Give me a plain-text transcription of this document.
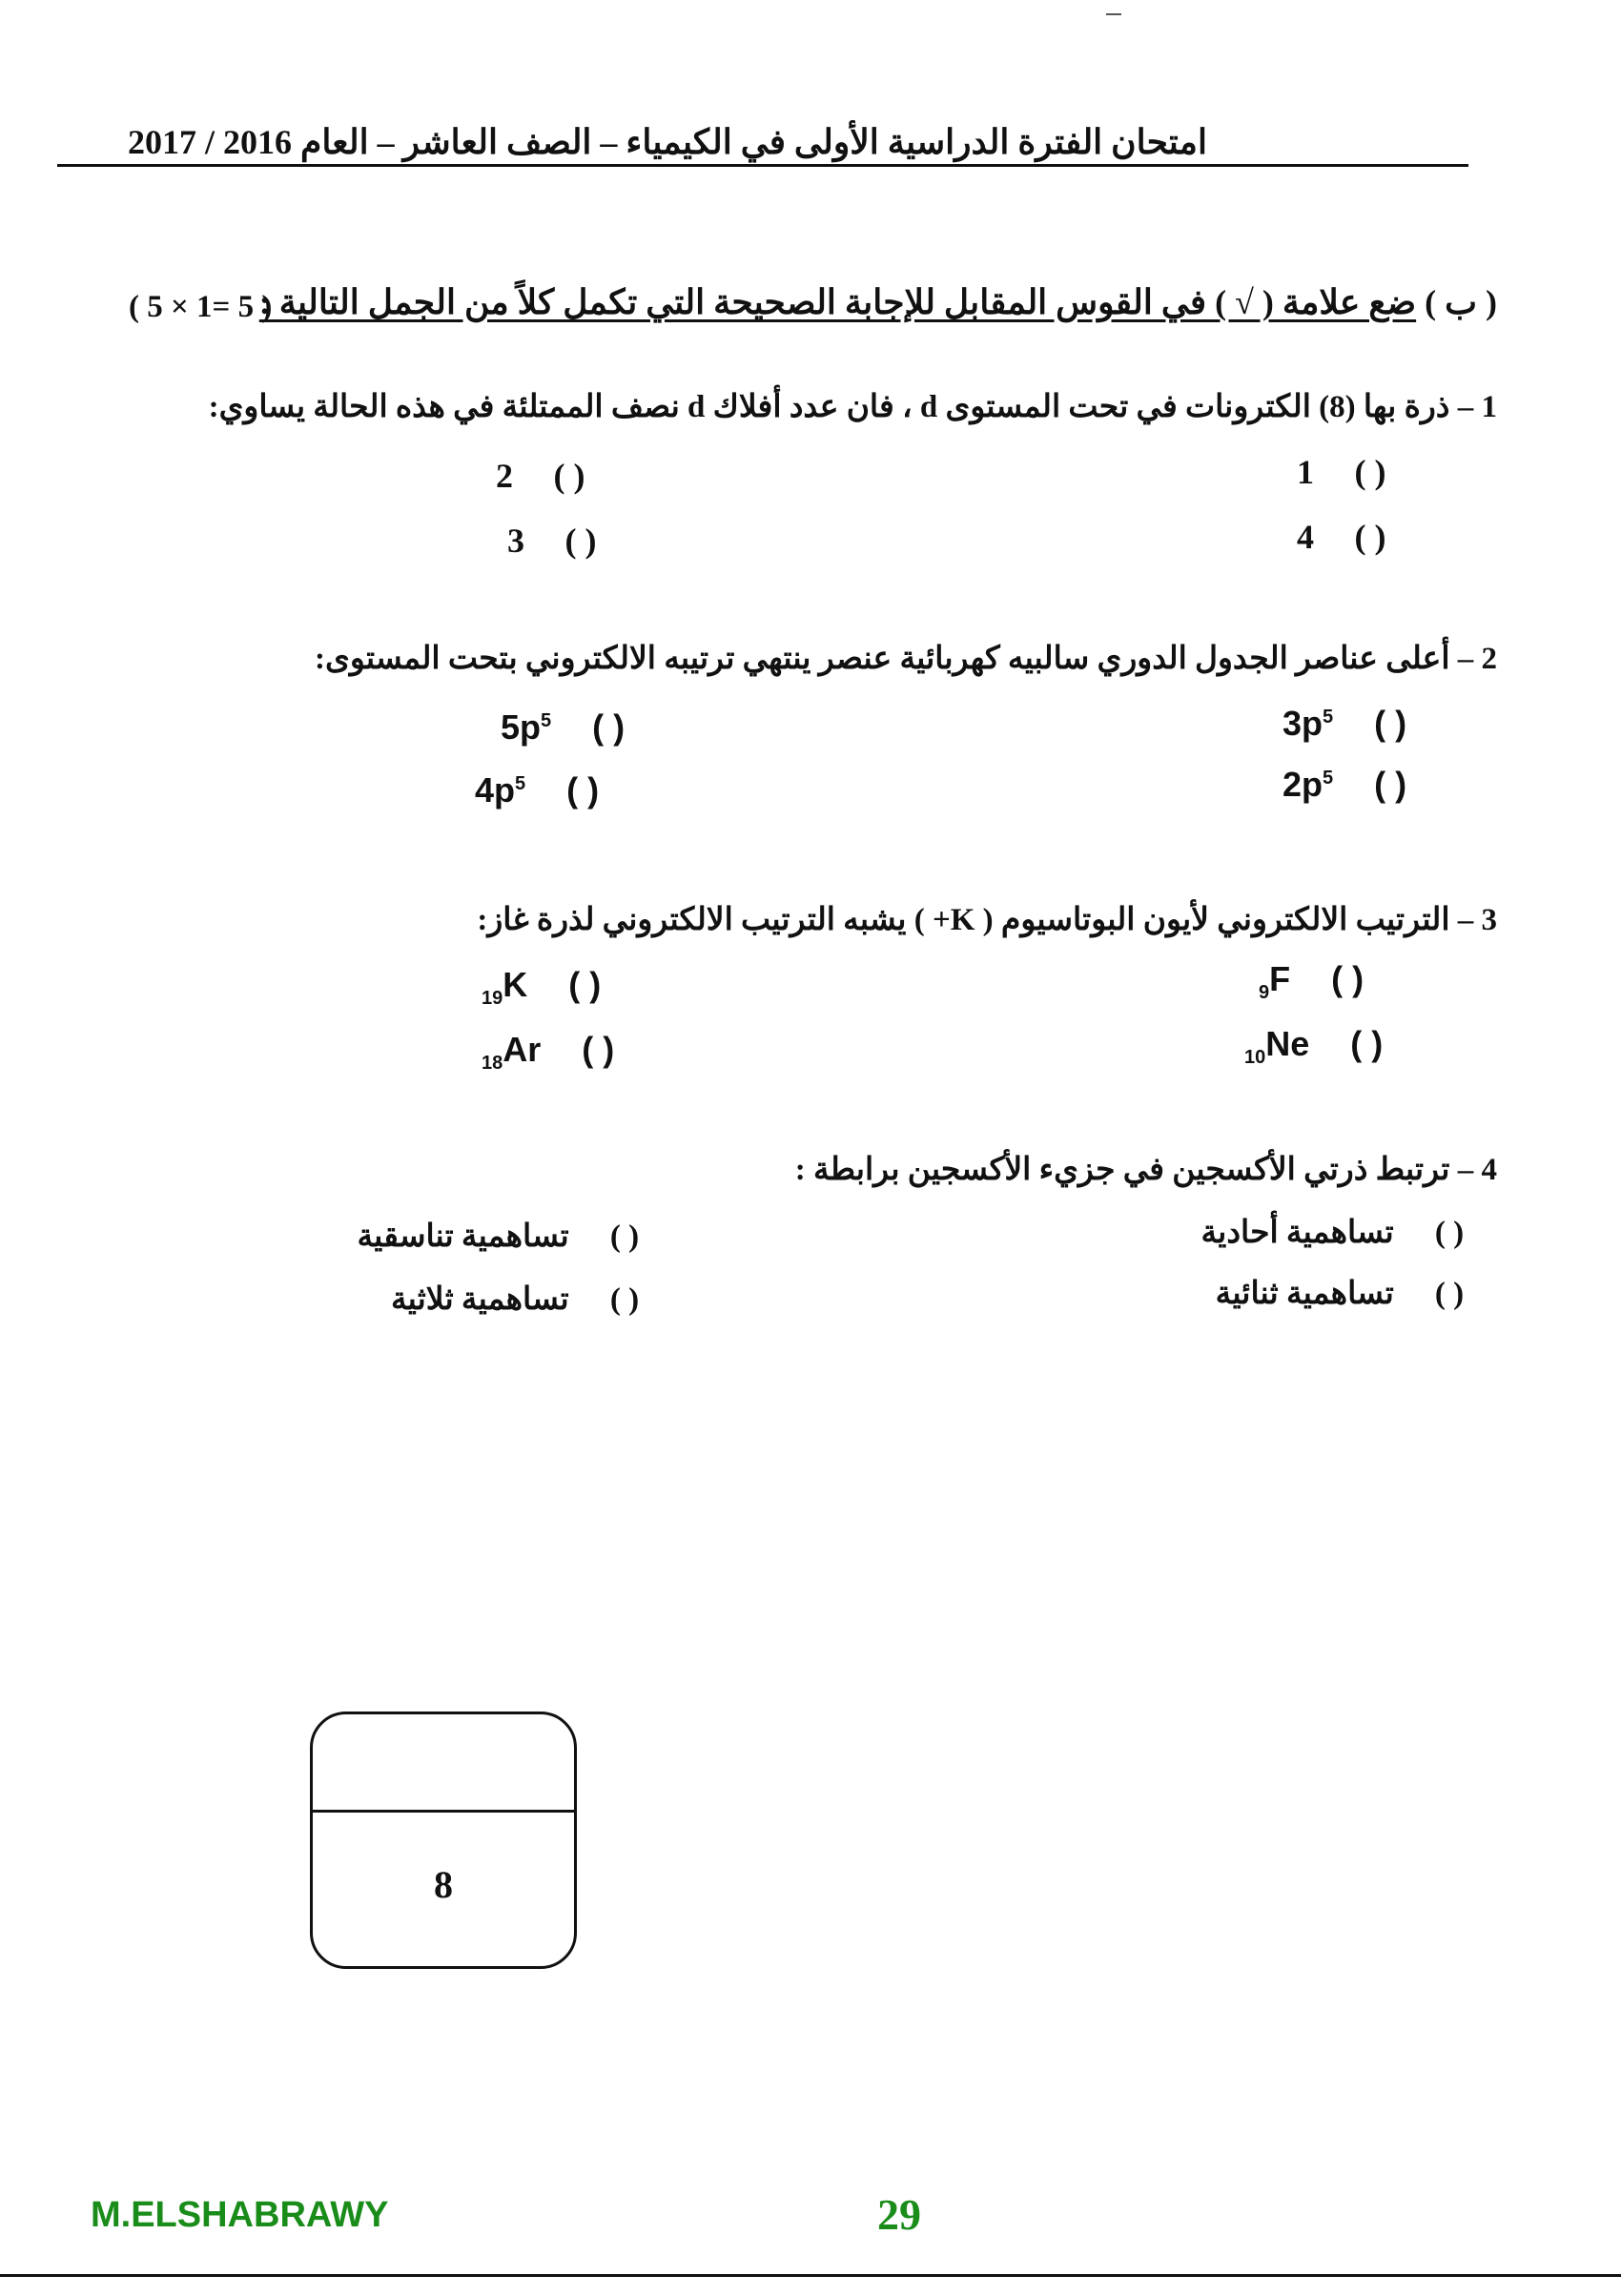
امتحان الفترة الدراسية الأولى في الكيمياء – الصف العاشر – العام 2016 / 2017
( ب ) ضع علامة ( √ ) في القوس المقابل للإجابة الصحيحة التي تكمل كلاً من الجمل التالية :
( 5 × 1= 5 )
1 – ذرة بها (8) الكترونات في تحت المستوى d ، فان عدد أفلاك d نصف الممتلئة في هذه الحالة يساوي:
1 ( )
2 ( )
4 ( )
3 ( )
2 – أعلى عناصر الجدول الدوري سالبيه كهربائية عنصر ينتهي ترتيبه الالكتروني بتحت المستوى:
$3p^5$ ( )
$5p^5$ ( )
$2p^5$ ( )
$4p^5$ ( )
3 – الترتيب الالكتروني لأيون البوتاسيوم ( K+ ) يشبه الترتيب الالكتروني لذرة غاز:
$_9$F ( )
$_{19}$K ( )
$_{10}$Ne ( )
$_{18}$Ar ( )
4 – ترتبط ذرتي الأكسجين في جزيء الأكسجين برابطة :
( ) تساهمية أحادية
( ) تساهمية تناسقية
( ) تساهمية ثنائية
( ) تساهمية ثلاثية
8
M.ELSHABRAWY	29
